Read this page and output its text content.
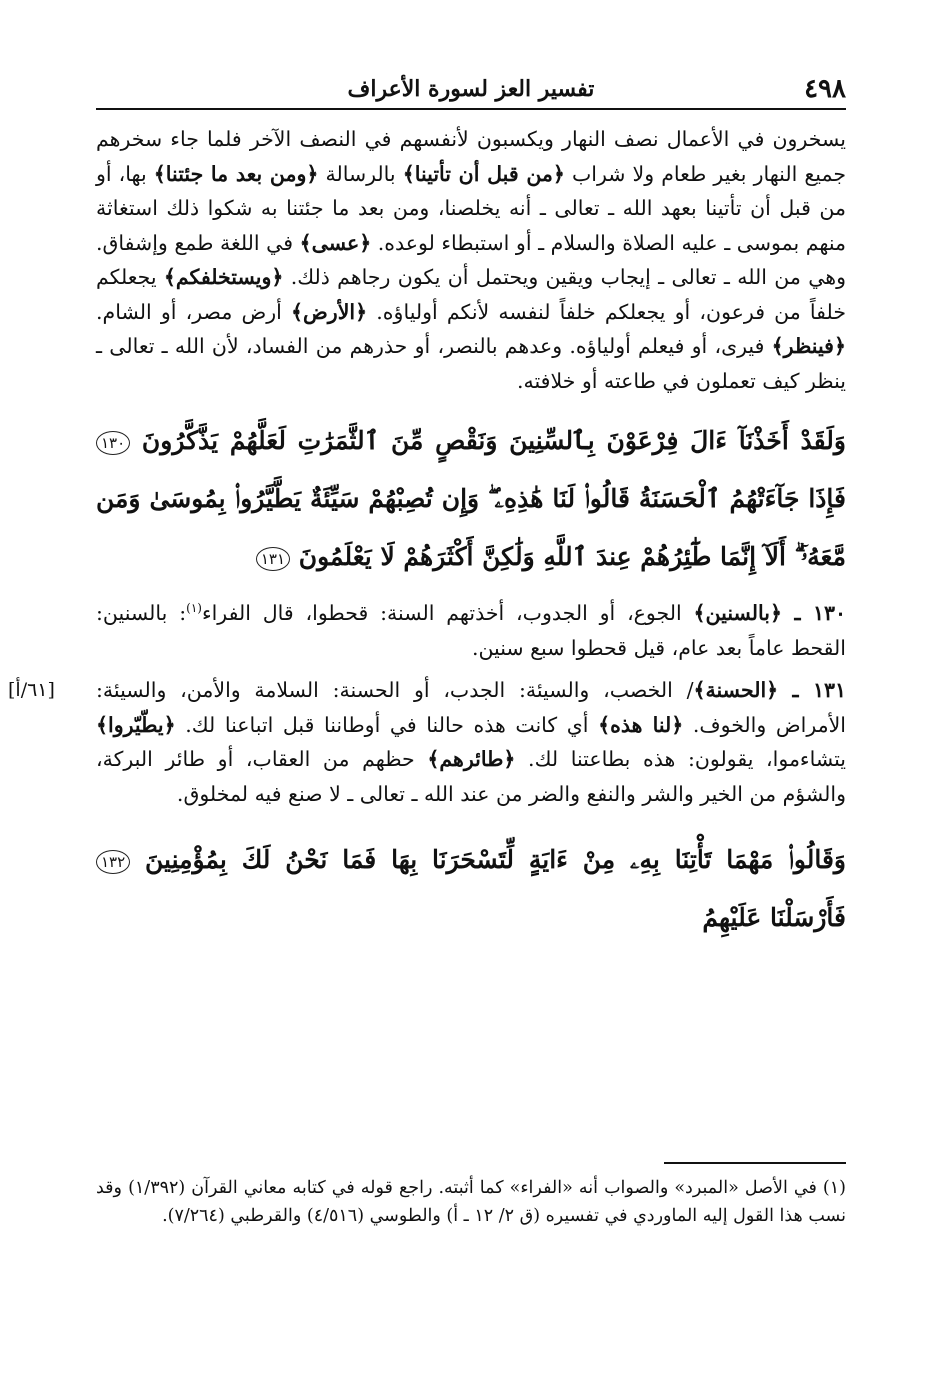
٤٩٨
تفسير العز لسورة الأعراف

يسخرون في الأعمال نصف النهار ويكسبون لأنفسهم في النصف الآخر فلما جاء سخرهم جميع النهار بغير طعام ولا شراب ﴿من قبل أن تأتينا﴾ بالرسالة ﴿ومن بعد ما جئتنا﴾ بها، أو من قبل أن تأتينا بعهد الله ـ تعالى ـ أنه يخلصنا، ومن بعد ما جئتنا به شكوا ذلك استغاثة منهم بموسى ـ عليه الصلاة والسلام ـ أو استبطاء لوعده. ﴿عسى﴾ في اللغة طمع وإشفاق. وهي من الله ـ تعالى ـ إيجاب ويقين ويحتمل أن يكون رجاهم ذلك. ﴿ويستخلفكم﴾ يجعلكم خلفاً من فرعون، أو يجعلكم خلفاً لنفسه لأنكم أولياؤه. ﴿الأرض﴾ أرض مصر، أو الشام. ﴿فينظر﴾ فيرى، أو فيعلم أولياؤه. وعدهم بالنصر، أو حذرهم من الفساد، لأن الله ـ تعالى ـ ينظر كيف تعملون في طاعته أو خلافته.

وَلَقَدْ أَخَذْنَآ ءَالَ فِرْعَوْنَ بِٱلسِّنِينَ وَنَقْصٍ مِّنَ ٱلثَّمَرَٰتِ لَعَلَّهُمْ يَذَّكَّرُونَ ١٣٠ فَإِذَا جَآءَتْهُمُ ٱلْحَسَنَةُ قَالُوا۟ لَنَا هَٰذِهِۦ ۖ وَإِن تُصِبْهُمْ سَيِّئَةٌ يَطَّيَّرُوا۟ بِمُوسَىٰ وَمَن مَّعَهُۥٓ ۗ أَلَآ إِنَّمَا طَٰٓئِرُهُمْ عِندَ ٱللَّهِ وَلَٰكِنَّ أَكْثَرَهُمْ لَا يَعْلَمُونَ ١٣١

١٣٠ ـ ﴿بالسنين﴾ الجوع، أو الجدوب، أخذتهم السنة: قحطوا، قال الفراء$^{(١)}$: بالسنين: القحط عاماً بعد عام، قيل قحطوا سبع سنين.

[٦١/أ]	١٣١ ـ ﴿الحسنة﴾/ الخصب، والسيئة: الجدب، أو الحسنة: السلامة والأمن، والسيئة: الأمراض والخوف. ﴿لنا هذه﴾ أي كانت هذه حالنا في أوطاننا قبل اتباعنا لك. ﴿يطّيّروا﴾ يتشاءموا، يقولون: هذه بطاعتنا لك. ﴿طائرهم﴾ حظهم من العقاب، أو طائر البركة، والشؤم من الخير والشر والنفع والضر من عند الله ـ تعالى ـ لا صنع فيه لمخلوق.

وَقَالُوا۟ مَهْمَا تَأْتِنَا بِهِۦ مِنْ ءَايَةٍ لِّتَسْحَرَنَا بِهَا فَمَا نَحْنُ لَكَ بِمُؤْمِنِينَ ١٣٢ فَأَرْسَلْنَا عَلَيْهِمُ

(١) في الأصل «المبرد» والصواب أنه «الفراء» كما أثبته. راجع قوله في كتابه معاني القرآن (١/٣٩٢) وقد نسب هذا القول إليه الماوردي في تفسيره (ق ٢/ ١٢ ـ أ) والطوسي (٤/٥١٦) والقرطبي (٧/٢٦٤).
